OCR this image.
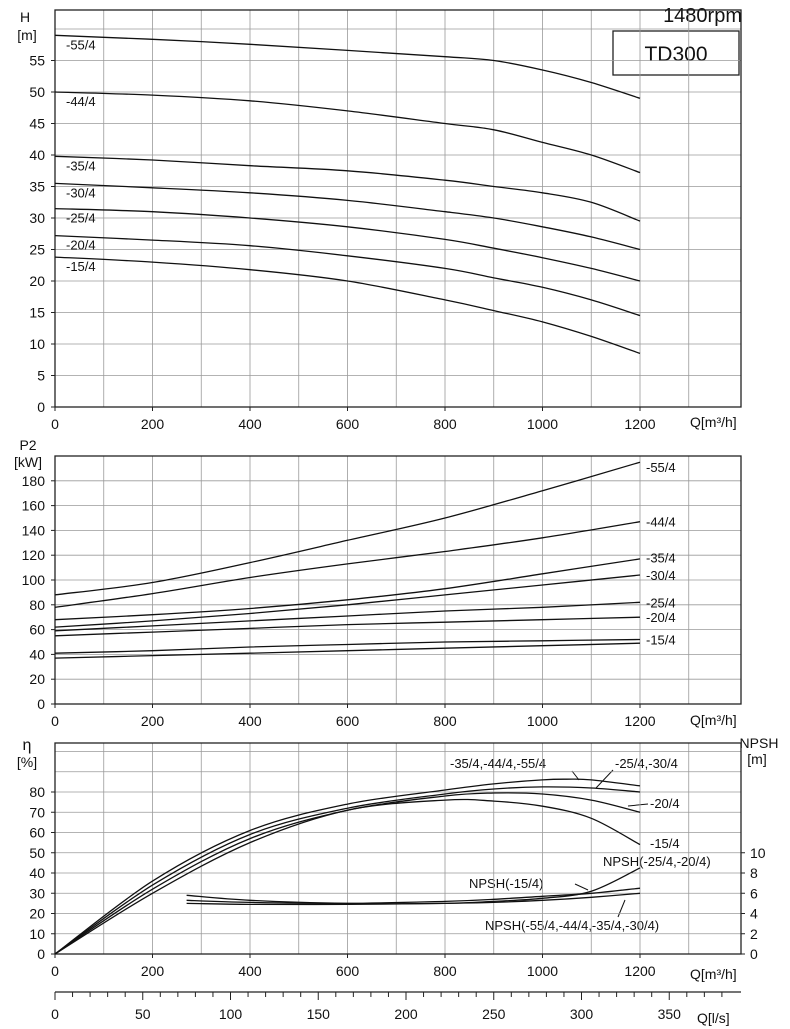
1480rpm
TD300
H
[m]
Q[m³/h]
P2
[kW]
Q[m³/h]
η
[%]
NPSH
[m]
Q[m³/h]
Q[l/s]
-35/4,-44/4,-55/4	-25/4,-30/4
-20/4
-15/4
NPSH(-15/4)
NPSH(-25/4,-20/4)
NPSH(-55/4,-44/4,-35/4,-30/4)
0	200	400	600	800	1000	1200
0
5
10
15
20
25
30
35
40
45
50
55
0	200	400	600	800	1000	1200
0
20
40
60
80
100
120
140
160
180
0	200	400	600	800	1000	1200
0
10
20
30
40
50
60
70
80
-55/4
-44/4
-35/4
-30/4
-25/4
-20/4
-15/4
-55/4
-44/4
-35/4
-30/4
-25/4
-20/4
-15/4
0
2
4
6
8
10
0	50	100	150	200	250	300	350
